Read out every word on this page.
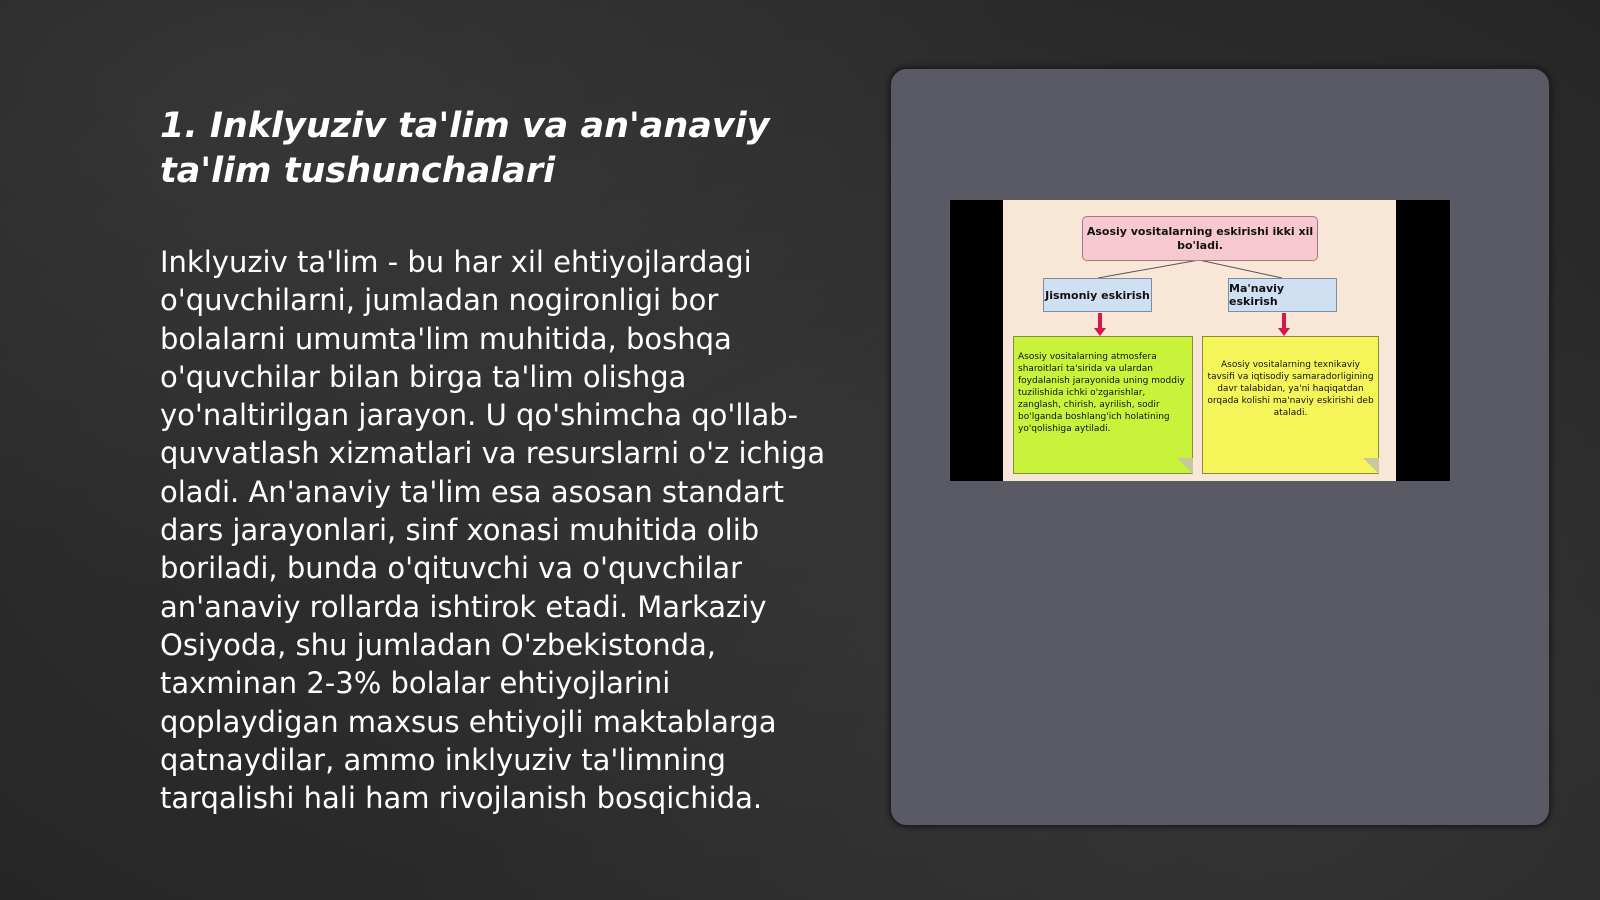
1. Inklyuziv ta'lim va an'anaviy ta'lim tushunchalari

Inklyuziv ta'lim - bu har xil ehtiyojlardagi o'quvchilarni, jumladan nogironligi bor bolalarni umumta'lim muhitida, boshqa o'quvchilar bilan birga ta'lim olishga yo'naltirilgan jarayon. U qo'shimcha qo'llab-quvvatlash xizmatlari va resurslarni o'z ichiga oladi. An'anaviy ta'lim esa asosan standart dars jarayonlari, sinf xonasi muhitida olib boriladi, bunda o'qituvchi va o'quvchilar an'anaviy rollarda ishtirok etadi. Markaziy Osiyoda, shu jumladan O'zbekistonda, taxminan 2-3% bolalar ehtiyojlarini qoplaydigan maxsus ehtiyojli maktablarga qatnaydilar, ammo inklyuziv ta'limning tarqalishi hali ham rivojlanish bosqichida.

Asosiy vositalarning eskirishi ikki xil bo'ladi.
Jismoniy eskirish	Ma'naviy eskirish
Asosiy vositalarning atmosfera sharoitlari ta'sirida va ulardan foydalanish jarayonida uning moddiy tuzilishida ichki o'zgarishlar, zanglash, chirish, ayrilish, sodir bo'lganda boshlang'ich holatining yo'qolishiga aytiladi.
Asosiy vositalarning texnikaviy tavsifi va iqtisodiy samaradorligining davr talabidan, ya'ni haqiqatdan orqada kolishi ma'naviy eskirishi deb ataladi.
